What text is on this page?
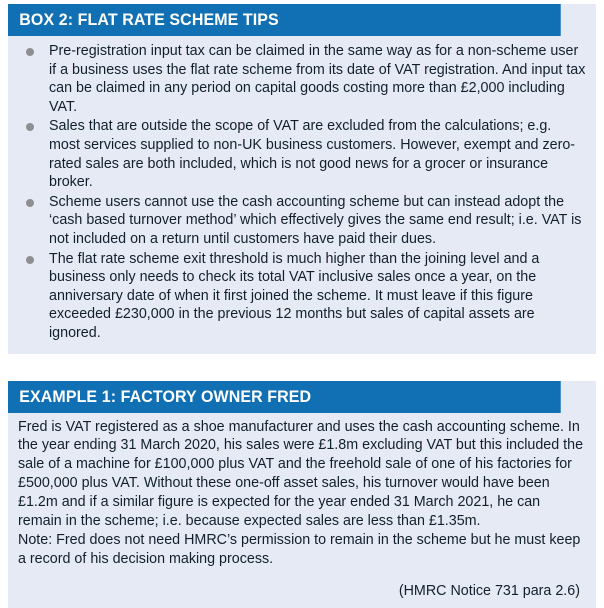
BOX 2: FLAT RATE SCHEME TIPS
Pre-registration input tax can be claimed in the same way as for a non-scheme user if a business uses the flat rate scheme from its date of VAT registration. And input tax can be claimed in any period on capital goods costing more than £2,000 including VAT.
Sales that are outside the scope of VAT are excluded from the calculations; e.g. most services supplied to non-UK business customers. However, exempt and zero-rated sales are both included, which is not good news for a grocer or insurance broker.
Scheme users cannot use the cash accounting scheme but can instead adopt the ‘cash based turnover method’ which effectively gives the same end result; i.e. VAT is not included on a return until customers have paid their dues.
The flat rate scheme exit threshold is much higher than the joining level and a business only needs to check its total VAT inclusive sales once a year, on the anniversary date of when it first joined the scheme. It must leave if this figure exceeded £230,000 in the previous 12 months but sales of capital assets are ignored.
EXAMPLE 1: FACTORY OWNER FRED

Fred is VAT registered as a shoe manufacturer and uses the cash accounting scheme. In the year ending 31 March 2020, his sales were £1.8m excluding VAT but this included the sale of a machine for £100,000 plus VAT and the freehold sale of one of his factories for £500,000 plus VAT. Without these one-off asset sales, his turnover would have been £1.2m and if a similar figure is expected for the year ended 31 March 2021, he can remain in the scheme; i.e. because expected sales are less than £1.35m.
Note: Fred does not need HMRC’s permission to remain in the scheme but he must keep a record of his decision making process.

(HMRC Notice 731 para 2.6)
